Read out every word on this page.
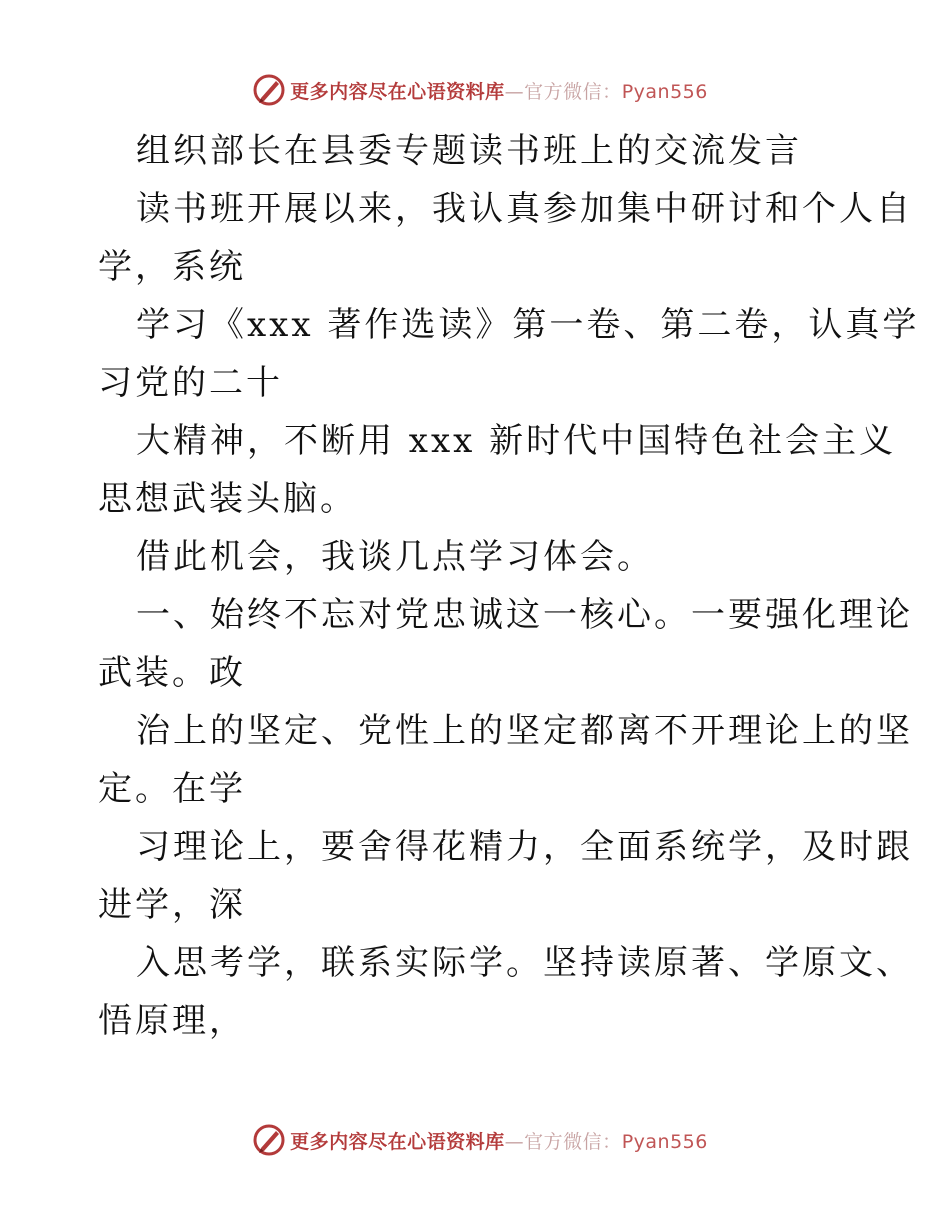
更多内容尽在心语资料库—官方微信：Pyan556
组织部长在县委专题读书班上的交流发言
读书班开展以来，我认真参加集中研讨和个人自
学，系统
学习《xxx 著作选读》第一卷、第二卷，认真学
习党的二十
大精神，不断用 xxx 新时代中国特色社会主义
思想武装头脑。
借此机会，我谈几点学习体会。
一、始终不忘对党忠诚这一核心。一要强化理论
武装。政
治上的坚定、党性上的坚定都离不开理论上的坚
定。在学
习理论上，要舍得花精力，全面系统学，及时跟
进学，深
入思考学，联系实际学。坚持读原著、学原文、
悟原理，
更多内容尽在心语资料库—官方微信：Pyan556
